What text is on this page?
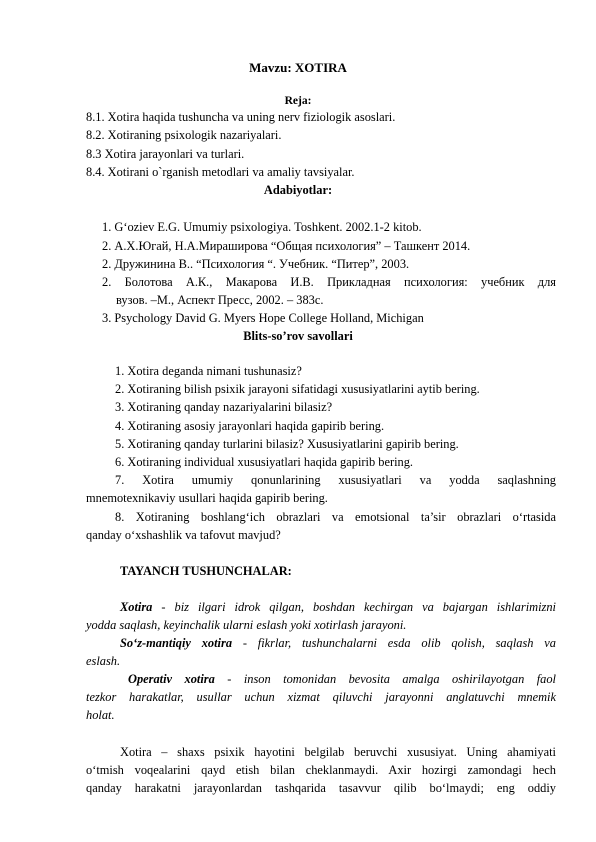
Mavzu: XOTIRA
Reja:
8.1. Xotira haqida tushuncha va uning nerv fiziologik asoslari.
8.2. Xotiraning psixologik nazariyalari.
8.3 Xotira jarayonlari va turlari.
8.4. Xotirani o`rganish metodlari va amaliy tavsiyalar.
Adabiyotlar:
1. G‘oziev E.G. Umumiy psixologiya. Toshkent. 2002.1-2 kitob.
2. А.Х.Югай, Н.А.Миpашиpова “Общая психология” – Ташкент 2014.
2. Дружинина В.. “Психология “. Учебник. “Питер”, 2003.
2. Болотова А.К., Макарова И.В. Прикладная психология: учебник для
вузов. –М., Аспект Пресс, 2002. – 383с.
3. Psychology David G. Myers Hope College Holland, Michigan
Blits-so’rov savollari
1. Xotira deganda nimani tushunasiz?
2. Xotiraning bilish psixik jarayoni sifatidagi xususiyatlarini aytib bering.
3. Xotiraning qanday nazariyalarini bilasiz?
4. Xotiraning asosiy jarayonlari haqida gapirib bering.
5. Xotiraning qanday turlarini bilasiz? Xususiyatlarini gapirib bering.
6. Xotiraning individual xususiyatlari haqida gapirib bering.
7. Xotira umumiy qonunlarining xususiyatlari va yodda saqlashning
mnemotexnikaviy usullari haqida gapirib bering.
8. Xotiraning boshlang‘ich obrazlari va emotsional ta’sir obrazlari o‘rtasida
qanday o‘xshashlik va tafovut mavjud?
TAYANCH TUSHUNCHALAR:
Xotira - biz ilgari idrok qilgan, boshdan kechirgan va bajargan ishlarimizni
yodda saqlash, keyinchalik ularni eslash yoki xotirlash jarayoni.
So‘z-mantiqiy xotira - fikrlar, tushunchalarni esda olib qolish, saqlash va
eslash.
Operativ xotira - inson tomonidan bevosita amalga oshirilayotgan faol
tezkor harakatlar, usullar uchun xizmat qiluvchi jarayonni anglatuvchi mnemik
holat.
Xotira – shaxs psixik hayotini belgilab beruvchi xususiyat. Uning ahamiyati
o‘tmish voqealarini qayd etish bilan cheklanmaydi. Axir hozirgi zamondagi hech
qanday harakatni jarayonlardan tashqarida tasavvur qilib bo‘lmaydi; eng oddiy
